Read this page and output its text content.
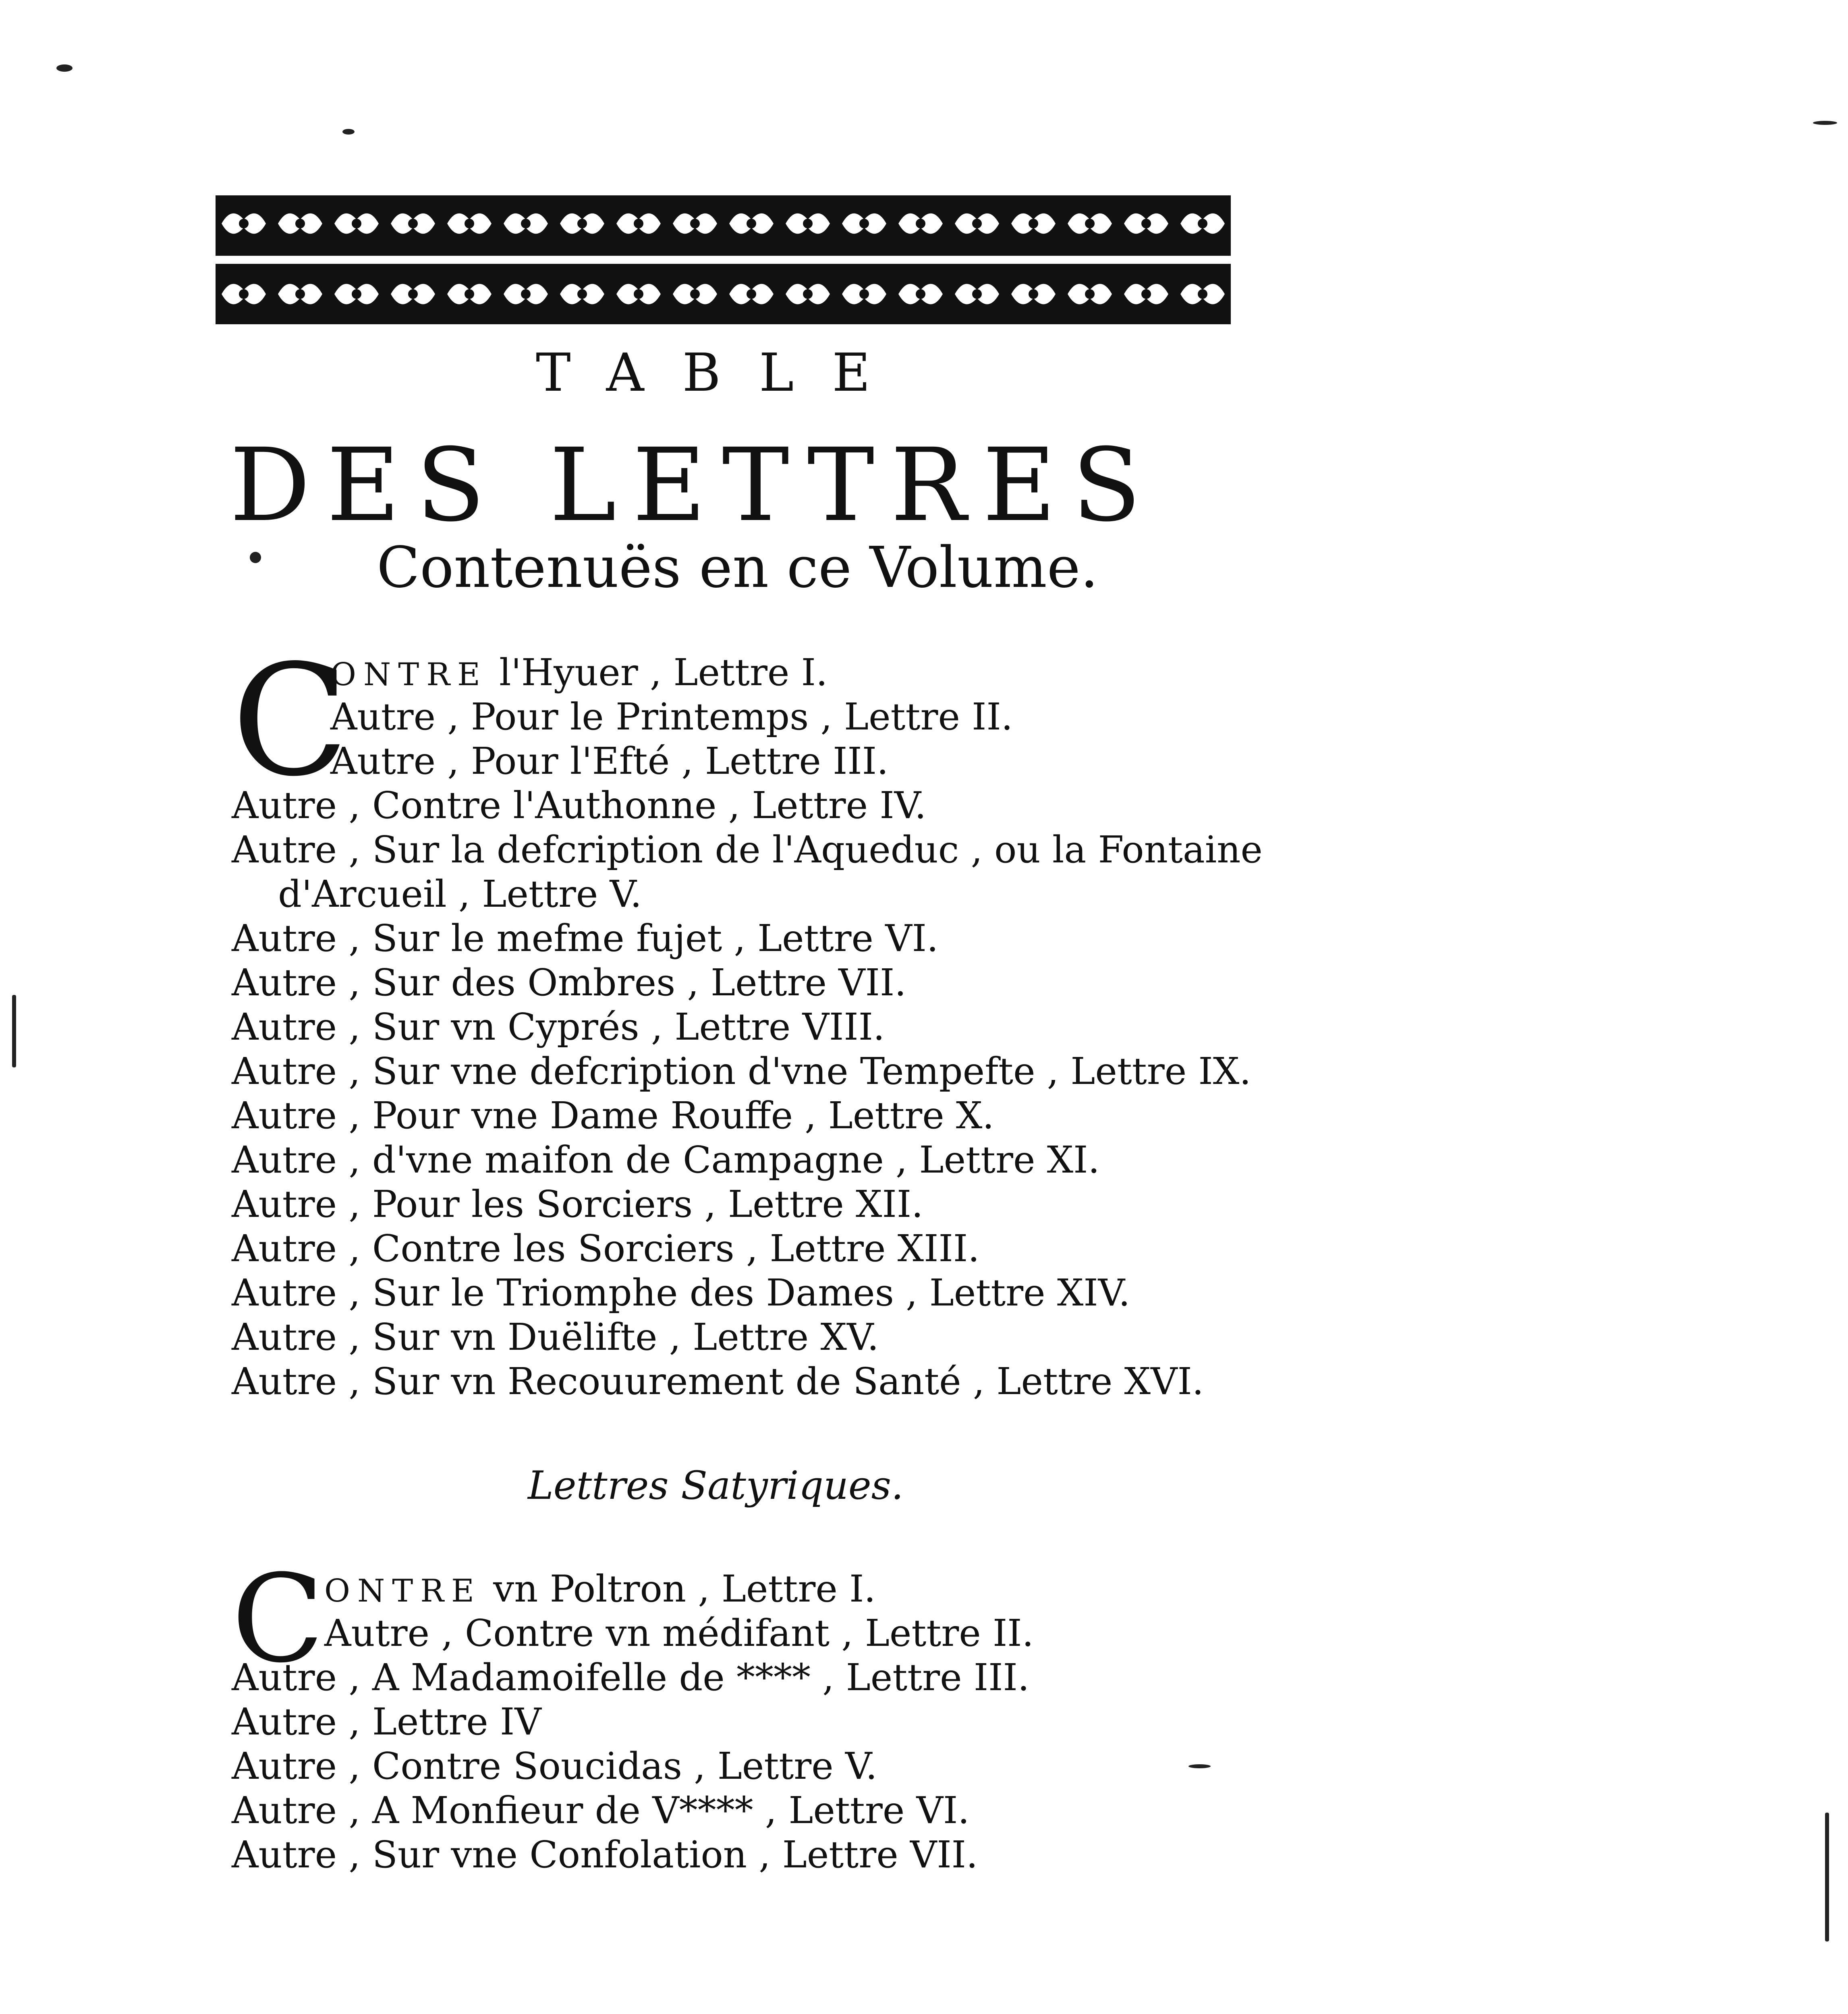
TABLE
DES LETTRES
Contenuës en ce Volume.
C
ONTRE l'Hyuer , Lettre I.
Autre , Pour le Printemps , Lettre II.
Autre , Pour l'Efté , Lettre III.
Autre , Contre l'Authonne , Lettre IV.
Autre , Sur la defcription de l'Aqueduc , ou la Fontaine
d'Arcueil , Lettre V.
Autre , Sur le mefme fujet , Lettre VI.
Autre , Sur des Ombres , Lettre VII.
Autre , Sur vn Cyprés , Lettre VIII.
Autre , Sur vne defcription d'vne Tempefte , Lettre IX.
Autre , Pour vne Dame Rouffe , Lettre X.
Autre , d'vne maifon de Campagne , Lettre XI.
Autre , Pour les Sorciers , Lettre XII.
Autre , Contre les Sorciers , Lettre XIII.
Autre , Sur le Triomphe des Dames , Lettre XIV.
Autre , Sur vn Duëlifte , Lettre XV.
Autre , Sur vn Recouurement de Santé , Lettre XVI.
Lettres Satyriques.
C ONTRE vn Poltron , Lettre I.
Autre , Contre vn médifant , Lettre II.
Autre , A Madamoifelle de **** , Lettre III.
Autre , Lettre IV
Autre , Contre Soucidas , Lettre V.
Autre , A Monfieur de V**** , Lettre VI.
Autre , Sur vne Confolation , Lettre VII.
